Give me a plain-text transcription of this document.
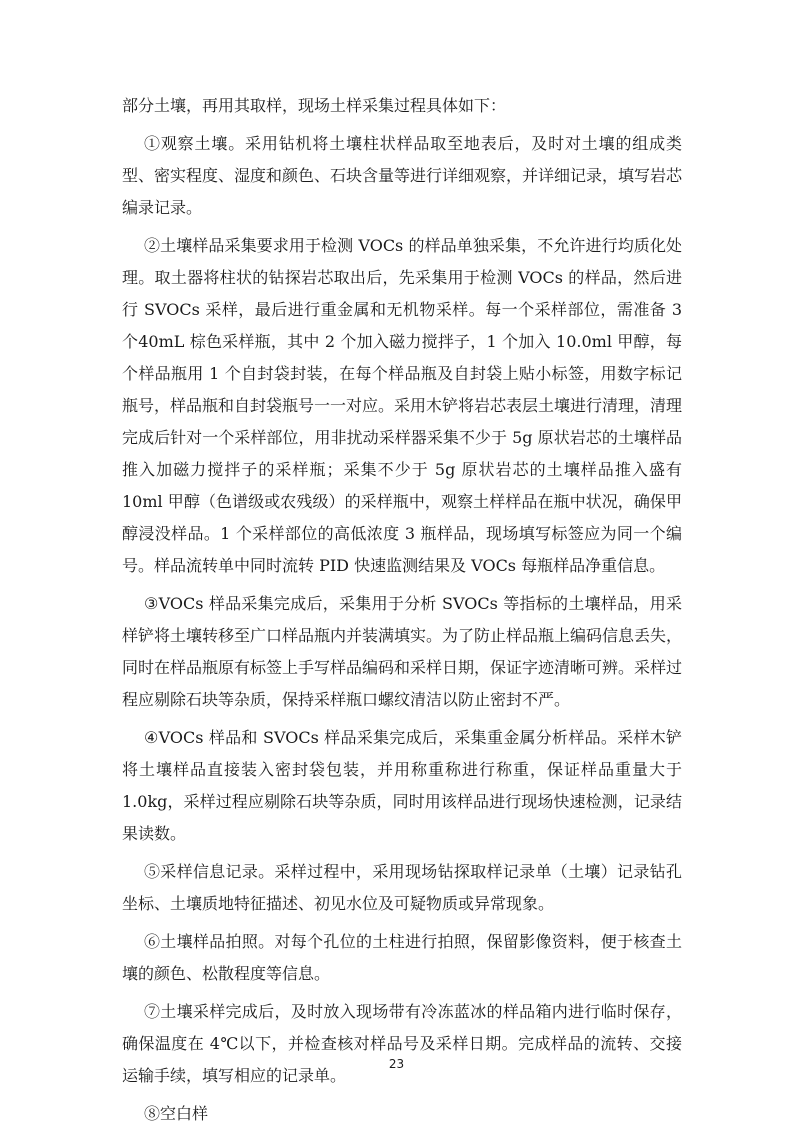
部分土壤，再用其取样，现场土样采集过程具体如下：

①观察土壤。采用钻机将土壤柱状样品取至地表后，及时对土壤的组成类型、密实程度、湿度和颜色、石块含量等进行详细观察，并详细记录，填写岩芯编录记录。

②土壤样品采集要求用于检测 VOCs 的样品单独采集，不允许进行均质化处理。取土器将柱状的钻探岩芯取出后，先采集用于检测 VOCs 的样品，然后进行 SVOCs 采样，最后进行重金属和无机物采样。每一个采样部位，需准备 3 个40mL 棕色采样瓶，其中 2 个加入磁力搅拌子，1 个加入 10.0ml 甲醇，每个样品瓶用 1 个自封袋封装，在每个样品瓶及自封袋上贴小标签，用数字标记瓶号，样品瓶和自封袋瓶号一一对应。采用木铲将岩芯表层土壤进行清理，清理完成后针对一个采样部位，用非扰动采样器采集不少于 5g 原状岩芯的土壤样品推入加磁力搅拌子的采样瓶；采集不少于 5g 原状岩芯的土壤样品推入盛有 10ml 甲醇（色谱级或农残级）的采样瓶中，观察土样样品在瓶中状况，确保甲醇浸没样品。1 个采样部位的高低浓度 3 瓶样品，现场填写标签应为同一个编号。样品流转单中同时流转 PID 快速监测结果及 VOCs 每瓶样品净重信息。

③VOCs 样品采集完成后，采集用于分析 SVOCs 等指标的土壤样品，用采样铲将土壤转移至广口样品瓶内并装满填实。为了防止样品瓶上编码信息丢失，同时在样品瓶原有标签上手写样品编码和采样日期，保证字迹清晰可辨。采样过程应剔除石块等杂质，保持采样瓶口螺纹清洁以防止密封不严。

④VOCs 样品和 SVOCs 样品采集完成后，采集重金属分析样品。采样木铲将土壤样品直接装入密封袋包装，并用称重称进行称重，保证样品重量大于 1.0kg，采样过程应剔除石块等杂质，同时用该样品进行现场快速检测，记录结果读数。

⑤采样信息记录。采样过程中，采用现场钻探取样记录单（土壤）记录钻孔坐标、土壤质地特征描述、初见水位及可疑物质或异常现象。

⑥土壤样品拍照。对每个孔位的土柱进行拍照，保留影像资料，便于核查土壤的颜色、松散程度等信息。

⑦土壤采样完成后，及时放入现场带有冷冻蓝冰的样品箱内进行临时保存，确保温度在 4℃以下，并检查核对样品号及采样日期。完成样品的流转、交接运输手续，填写相应的记录单。

⑧空白样

23
